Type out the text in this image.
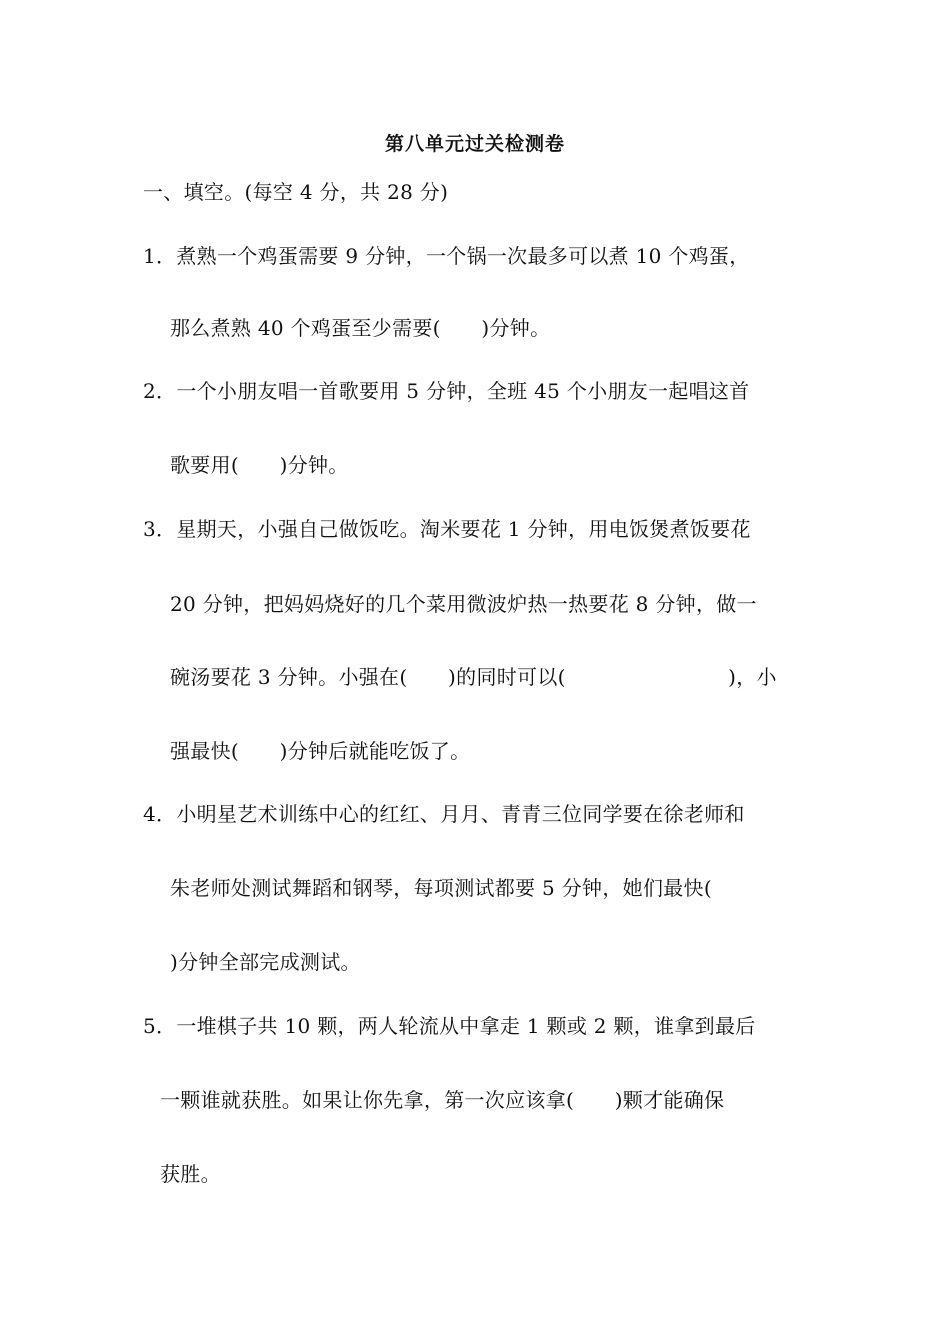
第八单元过关检测卷
一、填空。(每空 4 分，共 28 分)
1．煮熟一个鸡蛋需要 9 分钟，一个锅一次最多可以煮 10 个鸡蛋，
那么煮熟 40 个鸡蛋至少需要(　　)分钟。
2．一个小朋友唱一首歌要用 5 分钟，全班 45 个小朋友一起唱这首
歌要用(　　)分钟。
3．星期天，小强自己做饭吃。淘米要花 1 分钟，用电饭煲煮饭要花
20 分钟，把妈妈烧好的几个菜用微波炉热一热要花 8 分钟，做一
碗汤要花 3 分钟。小强在(　　)的同时可以(　　　　　　　　)，小
强最快(　　)分钟后就能吃饭了。
4．小明星艺术训练中心的红红、月月、青青三位同学要在徐老师和
朱老师处测试舞蹈和钢琴，每项测试都要 5 分钟，她们最快(
)分钟全部完成测试。
5．一堆棋子共 10 颗，两人轮流从中拿走 1 颗或 2 颗，谁拿到最后
一颗谁就获胜。如果让你先拿，第一次应该拿(　　)颗才能确保
获胜。
